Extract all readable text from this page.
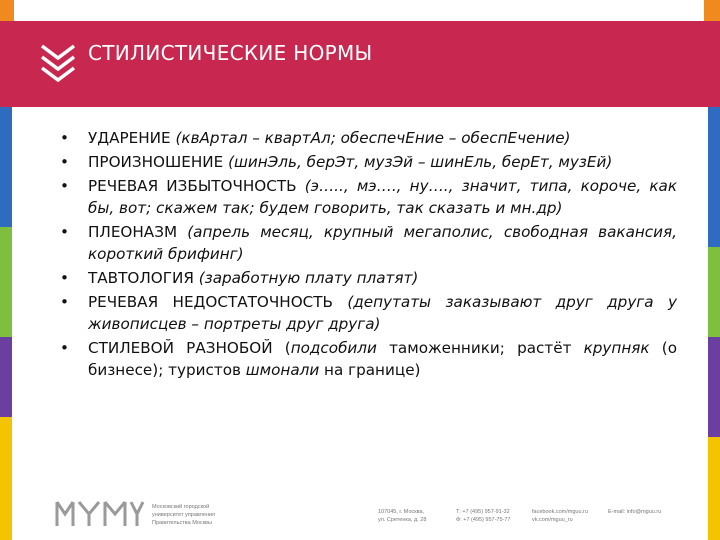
СТИЛИСТИЧЕСКИЕ НОРМЫ
• УДАРЕНИЕ (квАртал – квартАл; обеспечЕние – обеспЕчение)
• ПРОИЗНОШЕНИЕ (шинЭль, берЭт, музЭй – шинЕль, берЕт, музЕй)
• РЕЧЕВАЯ ИЗБЫТОЧНОСТЬ (э….., мэ…., ну…., значит, типа, короче, как бы, вот; скажем так; будем говорить, так сказать и мн.др)
• ПЛЕОНАЗМ (апрель месяц, крупный мегаполис, свободная вакансия, короткий брифинг)
• ТАВТОЛОГИЯ (заработную плату платят)
• РЕЧЕВАЯ НЕДОСТАТОЧНОСТЬ (депутаты заказывают друг друга у живописцев – портреты друг друга)
• СТИЛЕВОЙ РАЗНОБОЙ (подсобили таможенники; растёт крупняк (о бизнесе); туристов шмонали на границе)
Московский городской
университет управления
Правительства Москвы
107045, г. Москва,
ул. Сретенка, д. 28
Т: +7 (495) 957-91-32
Ф: +7 (495) 957-75-77
facebook.com/mguu.ru
vk.com/mguu_ru
E-mail: info@mguu.ru
